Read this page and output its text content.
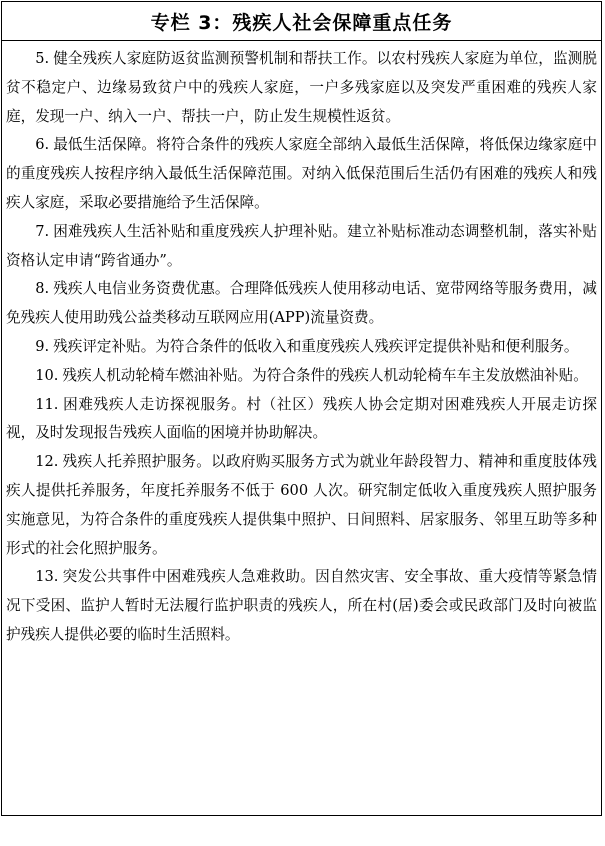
专栏 3：残疾人社会保障重点任务

5. 健全残疾人家庭防返贫监测预警机制和帮扶工作。以农村残疾人家庭为单位，监测脱贫不稳定户、边缘易致贫户中的残疾人家庭，一户多残家庭以及突发严重困难的残疾人家庭，发现一户、纳入一户、帮扶一户，防止发生规模性返贫。

6. 最低生活保障。将符合条件的残疾人家庭全部纳入最低生活保障，将低保边缘家庭中的重度残疾人按程序纳入最低生活保障范围。对纳入低保范围后生活仍有困难的残疾人和残疾人家庭，采取必要措施给予生活保障。

7. 困难残疾人生活补贴和重度残疾人护理补贴。建立补贴标准动态调整机制，落实补贴资格认定申请“跨省通办”。

8. 残疾人电信业务资费优惠。合理降低残疾人使用移动电话、宽带网络等服务费用，减免残疾人使用助残公益类移动互联网应用(APP)流量资费。

9. 残疾评定补贴。为符合条件的低收入和重度残疾人残疾评定提供补贴和便利服务。

10. 残疾人机动轮椅车燃油补贴。为符合条件的残疾人机动轮椅车车主发放燃油补贴。

11. 困难残疾人走访探视服务。村（社区）残疾人协会定期对困难残疾人开展走访探视，及时发现报告残疾人面临的困境并协助解决。

12. 残疾人托养照护服务。以政府购买服务方式为就业年龄段智力、精神和重度肢体残疾人提供托养服务，年度托养服务不低于 600 人次。研究制定低收入重度残疾人照护服务实施意见，为符合条件的重度残疾人提供集中照护、日间照料、居家服务、邻里互助等多种形式的社会化照护服务。

13. 突发公共事件中困难残疾人急难救助。因自然灾害、安全事故、重大疫情等紧急情况下受困、监护人暂时无法履行监护职责的残疾人，所在村(居)委会或民政部门及时向被监护残疾人提供必要的临时生活照料。
